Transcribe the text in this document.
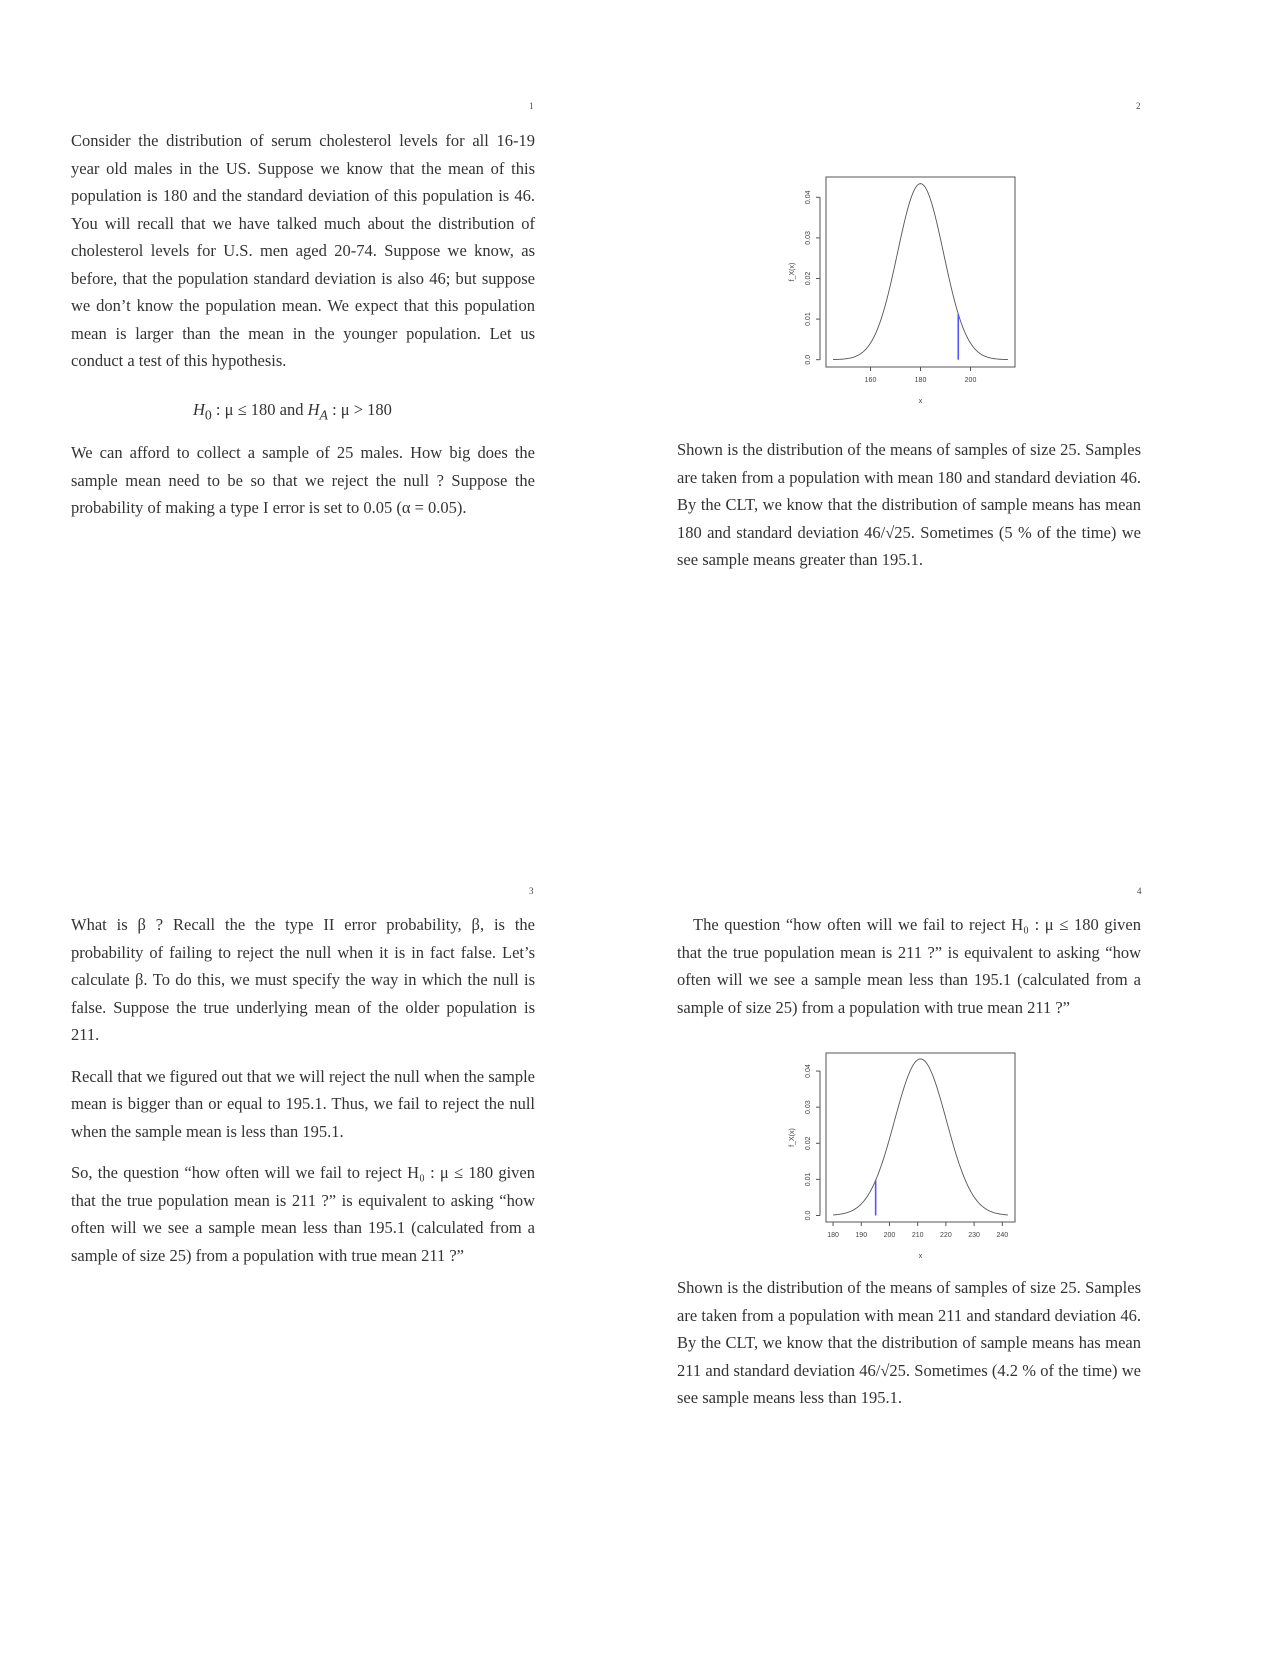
1

Consider the distribution of serum cholesterol levels for all 16-19 year old males in the US. Suppose we know that the mean of this population is 180 and the standard deviation of this population is 46. You will recall that we have talked much about the distribution of cholesterol levels for U.S. men aged 20-74. Suppose we know, as before, that the population standard deviation is also 46; but suppose we don’t know the population mean. We expect that this population mean is larger than the mean in the younger population. Let us conduct a test of this hypothesis.

$H_0$ : μ ≤ 180 and $H_A$ : μ > 180

We can afford to collect a sample of 25 males. How big does the sample mean need to be so that we reject the null ? Suppose the probability of making a type I error is set to 0.05 (α = 0.05).

2
160	180	200
0.0
0.01
0.02
0.03
0.04
x
f_X(x)

Shown is the distribution of the means of samples of size 25. Samples are taken from a population with mean 180 and standard deviation 46. By the CLT, we know that the distribution of sample means has mean 180 and standard deviation 46/√25. Sometimes (5 % of the time) we see sample means greater than 195.1.

3

What is β ? Recall the the type II error probability, β, is the probability of failing to reject the null when it is in fact false. Let’s calculate β. To do this, we must specify the way in which the null is false. Suppose the true underlying mean of the older population is 211.

Recall that we figured out that we will reject the null when the sample mean is bigger than or equal to 195.1. Thus, we fail to reject the null when the sample mean is less than 195.1.

So, the question “how often will we fail to reject H₀ : μ ≤ 180 given that the true population mean is 211 ?” is equivalent to asking “how often will we see a sample mean less than 195.1 (calculated from a sample of size 25) from a population with true mean 211 ?”

4

The question “how often will we fail to reject H₀ : μ ≤ 180 given that the true population mean is 211 ?” is equivalent to asking “how often will we see a sample mean less than 195.1 (calculated from a sample of size 25) from a population with true mean 211 ?”

180 190 200 210 220 230 240
0.0
0.01
0.02
0.03
0.04
x
f_X(x)

Shown is the distribution of the means of samples of size 25. Samples are taken from a population with mean 211 and standard deviation 46. By the CLT, we know that the distribution of sample means has mean 211 and standard deviation 46/√25. Sometimes (4.2 % of the time) we see sample means less than 195.1.
